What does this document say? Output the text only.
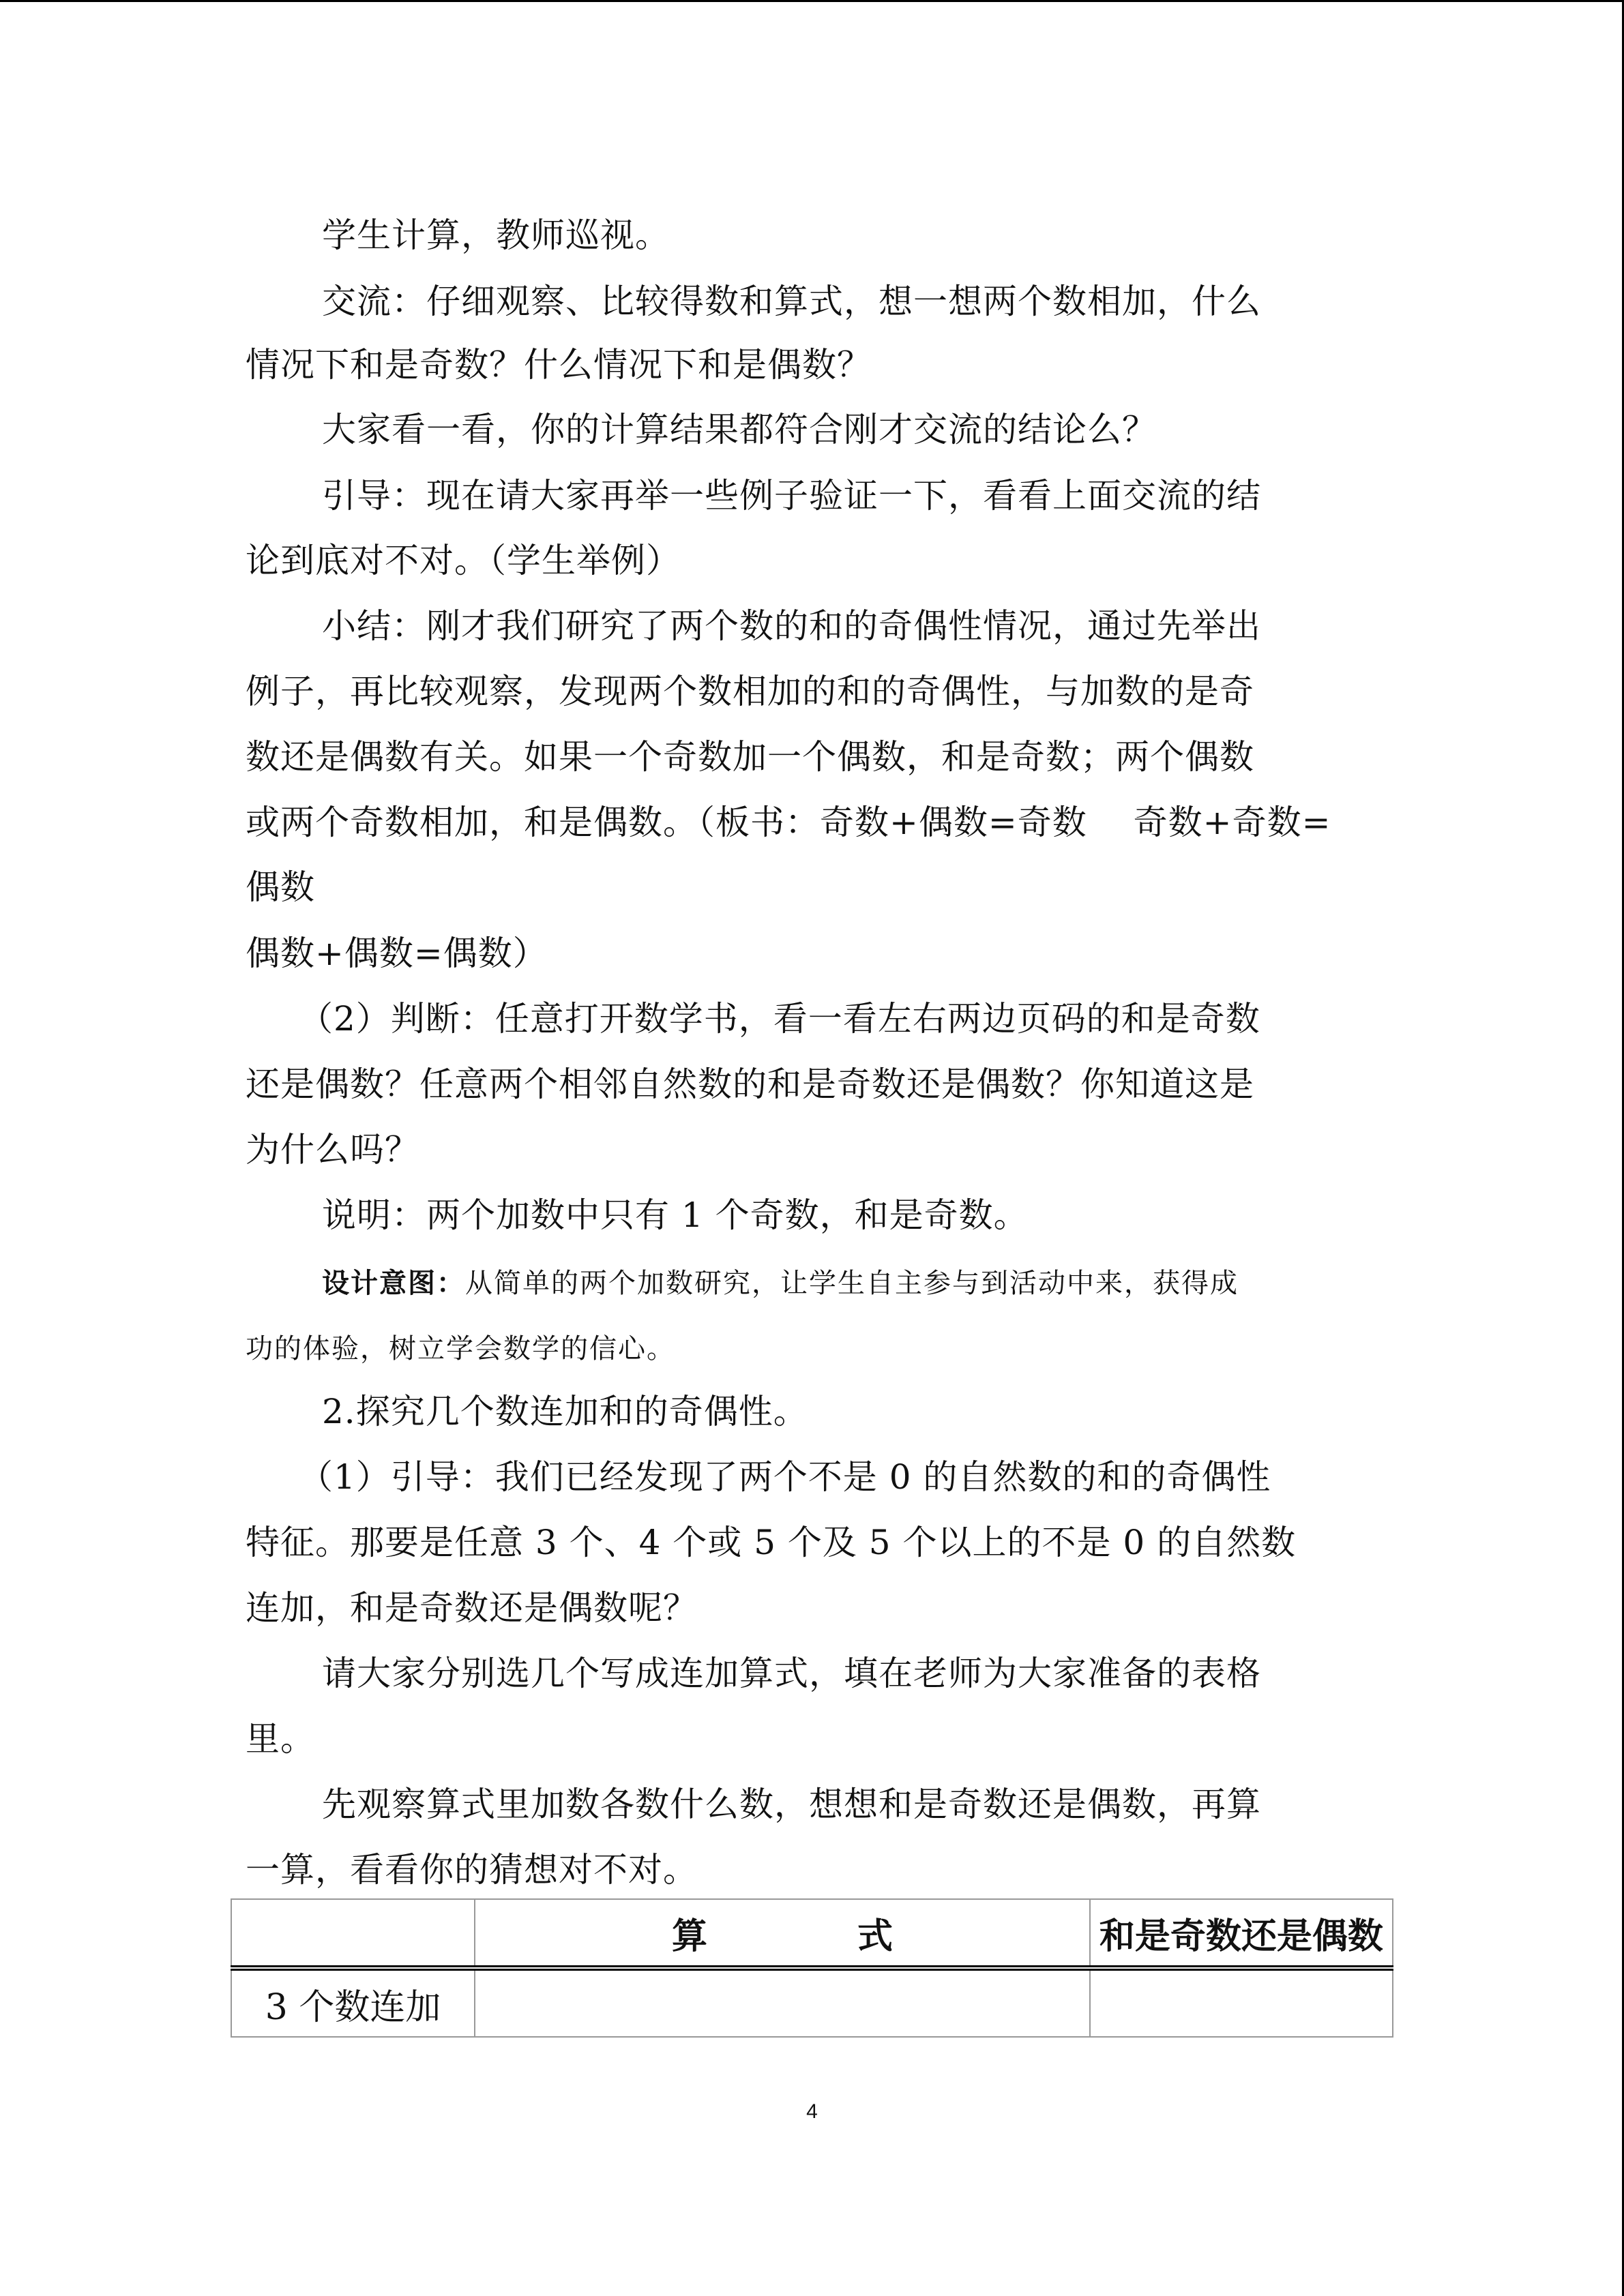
学生计算，教师巡视。
交流：仔细观察、比较得数和算式，想一想两个数相加，什么
情况下和是奇数？什么情况下和是偶数？
大家看一看，你的计算结果都符合刚才交流的结论么？
引导：现在请大家再举一些例子验证一下，看看上面交流的结
论到底对不对。（学生举例）
小结：刚才我们研究了两个数的和的奇偶性情况，通过先举出
例子，再比较观察，发现两个数相加的和的奇偶性，与加数的是奇
数还是偶数有关。如果一个奇数加一个偶数，和是奇数；两个偶数
或两个奇数相加，和是偶数。（板书：奇数+偶数=奇数　 奇数+奇数=
偶数
偶数+偶数=偶数）
（2）判断：任意打开数学书，看一看左右两边页码的和是奇数
还是偶数？任意两个相邻自然数的和是奇数还是偶数？你知道这是
为什么吗？
说明：两个加数中只有 1 个奇数，和是奇数。
设计意图：从简单的两个加数研究，让学生自主参与到活动中来，获得成
功的体验，树立学会数学的信心。
2.探究几个数连加和的奇偶性。
（1）引导：我们已经发现了两个不是 0 的自然数的和的奇偶性
特征。那要是任意 3 个、4 个或 5 个及 5 个以上的不是 0 的自然数
连加，和是奇数还是偶数呢？
请大家分别选几个写成连加算式，填在老师为大家准备的表格
里。
先观察算式里加数各数什么数，想想和是奇数还是偶数，再算
一算，看看你的猜想对不对。
	算式	和是奇数还是偶数
3 个数连加		
4
